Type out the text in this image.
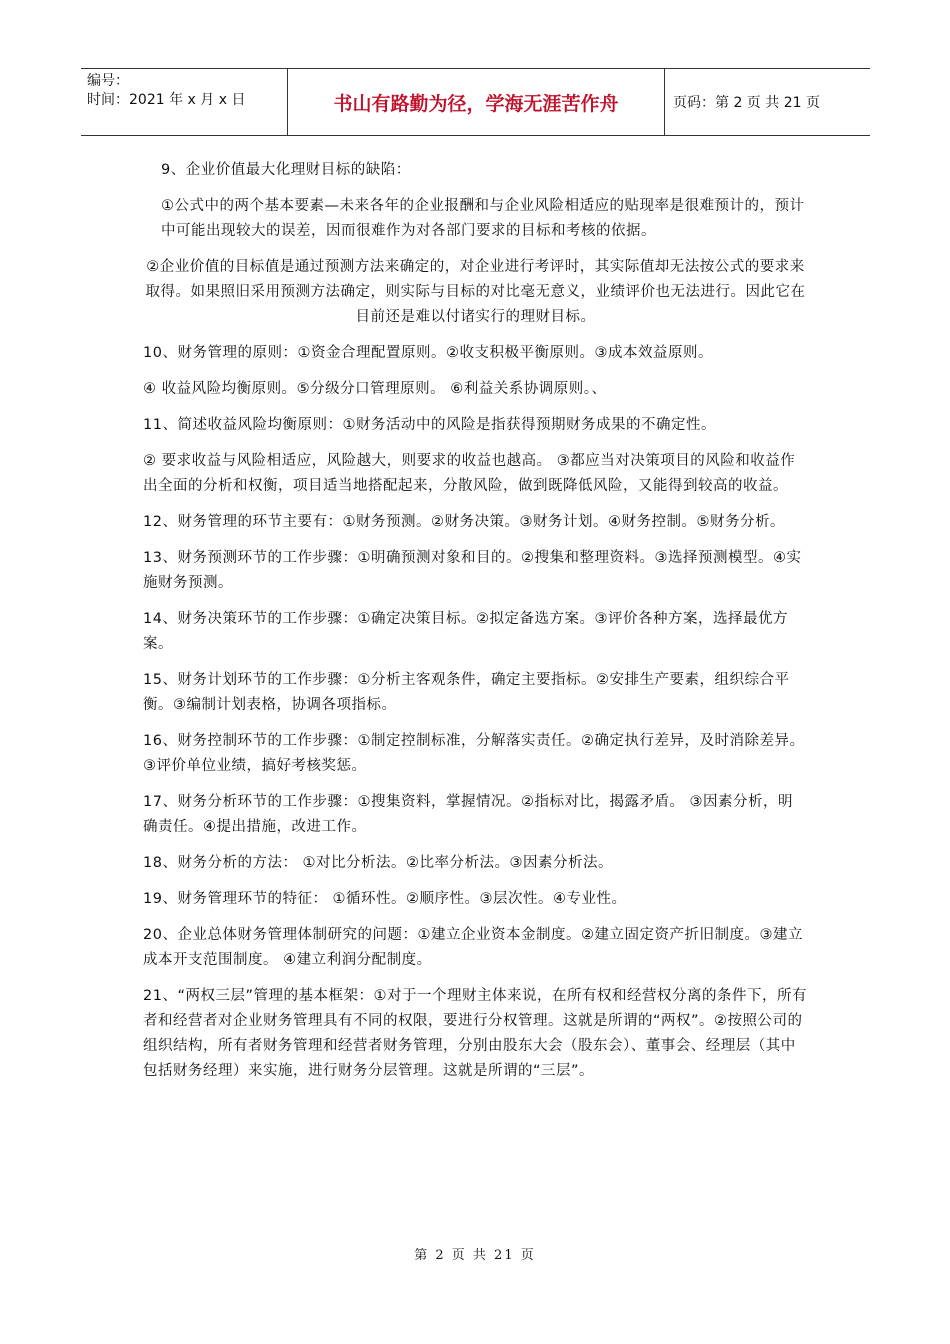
编号：
时间：2021 年 x 月 x 日	书山有路勤为径，学海无涯苦作舟	页码：第 2 页 共 21 页

9、企业价值最大化理财目标的缺陷：

①公式中的两个基本要素—未来各年的企业报酬和与企业风险相适应的贴现率是很难预计的，预计中可能出现较大的误差，因而很难作为对各部门要求的目标和考核的依据。

②企业价值的目标值是通过预测方法来确定的，对企业进行考评时，其实际值却无法按公式的要求来取得。如果照旧采用预测方法确定，则实际与目标的对比毫无意义，业绩评价也无法进行。因此它在目前还是难以付诸实行的理财目标。

10、财务管理的原则：①资金合理配置原则。②收支积极平衡原则。③成本效益原则。

④ 收益风险均衡原则。⑤分级分口管理原则。 ⑥利益关系协调原则。、

11、简述收益风险均衡原则：①财务活动中的风险是指获得预期财务成果的不确定性。

② 要求收益与风险相适应，风险越大，则要求的收益也越高。 ③都应当对决策项目的风险和收益作出全面的分析和权衡，项目适当地搭配起来，分散风险，做到既降低风险，又能得到较高的收益。

12、财务管理的环节主要有：①财务预测。②财务决策。③财务计划。④财务控制。⑤财务分析。

13、财务预测环节的工作步骤：①明确预测对象和目的。②搜集和整理资料。③选择预测模型。④实施财务预测。

14、财务决策环节的工作步骤：①确定决策目标。②拟定备选方案。③评价各种方案，选择最优方案。

15、财务计划环节的工作步骤：①分析主客观条件，确定主要指标。②安排生产要素，组织综合平衡。③编制计划表格，协调各项指标。

16、财务控制环节的工作步骤：①制定控制标准，分解落实责任。②确定执行差异，及时消除差异。③评价单位业绩，搞好考核奖惩。

17、财务分析环节的工作步骤：①搜集资料，掌握情况。②指标对比，揭露矛盾。 ③因素分析，明确责任。④提出措施，改进工作。

18、财务分析的方法： ①对比分析法。②比率分析法。③因素分析法。

19、财务管理环节的特征： ①循环性。②顺序性。③层次性。④专业性。

20、企业总体财务管理体制研究的问题：①建立企业资本金制度。②建立固定资产折旧制度。③建立成本开支范围制度。 ④建立利润分配制度。

21、“两权三层”管理的基本框架：①对于一个理财主体来说，在所有权和经营权分离的条件下，所有者和经营者对企业财务管理具有不同的权限，要进行分权管理。这就是所谓的“两权”。②按照公司的组织结构，所有者财务管理和经营者财务管理，分别由股东大会（股东会）、董事会、经理层（其中包括财务经理）来实施，进行财务分层管理。这就是所谓的“三层”。

第 2 页 共 21 页
